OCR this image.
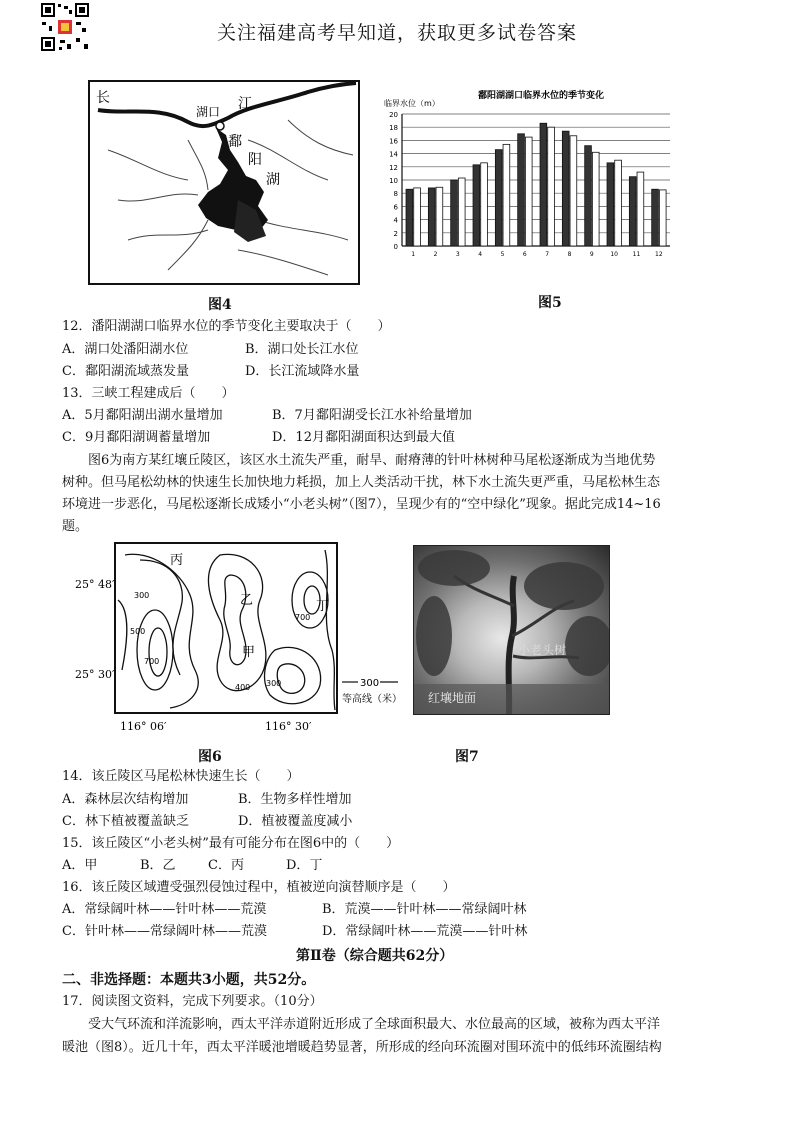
关注福建高考早知道，获取更多试卷答案
长	江
湖口
鄱
阳
湖
图4
鄱阳湖湖口临界水位的季节变化
临界水位（m）
0
2
4
6
8
10
12
14
16
18
20
1	2	3	4	5	6	7	8	9	10 11 12
图5
12．潘阳湖湖口临界水位的季节变化主要取决于（　　）
A．湖口处潘阳湖水位	B．湖口处长江水位
C．鄱阳湖流域蒸发量	D．长江流域降水量
13．三峡工程建成后（　　）
A．5月鄱阳湖出湖水量增加	B．7月鄱阳湖受长江水补给量增加
C．9月鄱阳湖调蓄量增加	D．12月鄱阳湖面积达到最大值
图6为南方某红壤丘陵区，该区水土流失严重，耐旱、耐瘠薄的针叶林树种马尾松逐渐成为当地优势
树种。但马尾松幼林的快速生长加快地力耗损，加上人类活动干扰，林下水土流失更严重，马尾松林生态
环境进一步恶化，马尾松逐渐长成矮小“小老头树”（图7），呈现少有的“空中绿化”现象。据此完成14~16
题。
丙
乙
甲
丁
300
500
700
400 300
700
25° 48′
25° 30′
116° 06′	116° 30′
300
等高线（米）
图6
小老头树
红壤地面
图7
14．该丘陵区马尾松林快速生长（　　）
A．森林层次结构增加	B．生物多样性增加
C．林下植被覆盖缺乏	D．植被覆盖度减小
15．该丘陵区“小老头树”最有可能分布在图6中的（　　）
A．甲	B．乙 C．丙	D．丁
16．该丘陵区域遭受强烈侵蚀过程中，植被逆向演替顺序是（　　）
A．常绿阔叶林——针叶林——荒漠	B．荒漠——针叶林——常绿阔叶林
C．针叶林——常绿阔叶林——荒漠	D．常绿阔叶林——荒漠——针叶林
第Ⅱ卷（综合题共62分）
二、非选择题：本题共3小题，共52分。
17．阅读图文资料，完成下列要求。（10分）
受大气环流和洋流影响，西太平洋赤道附近形成了全球面积最大、水位最高的区域，被称为西太平洋
暖池（图8）。近几十年，西太平洋暖池增暖趋势显著，所形成的经向环流圈对围环流中的低纬环流圈结构
